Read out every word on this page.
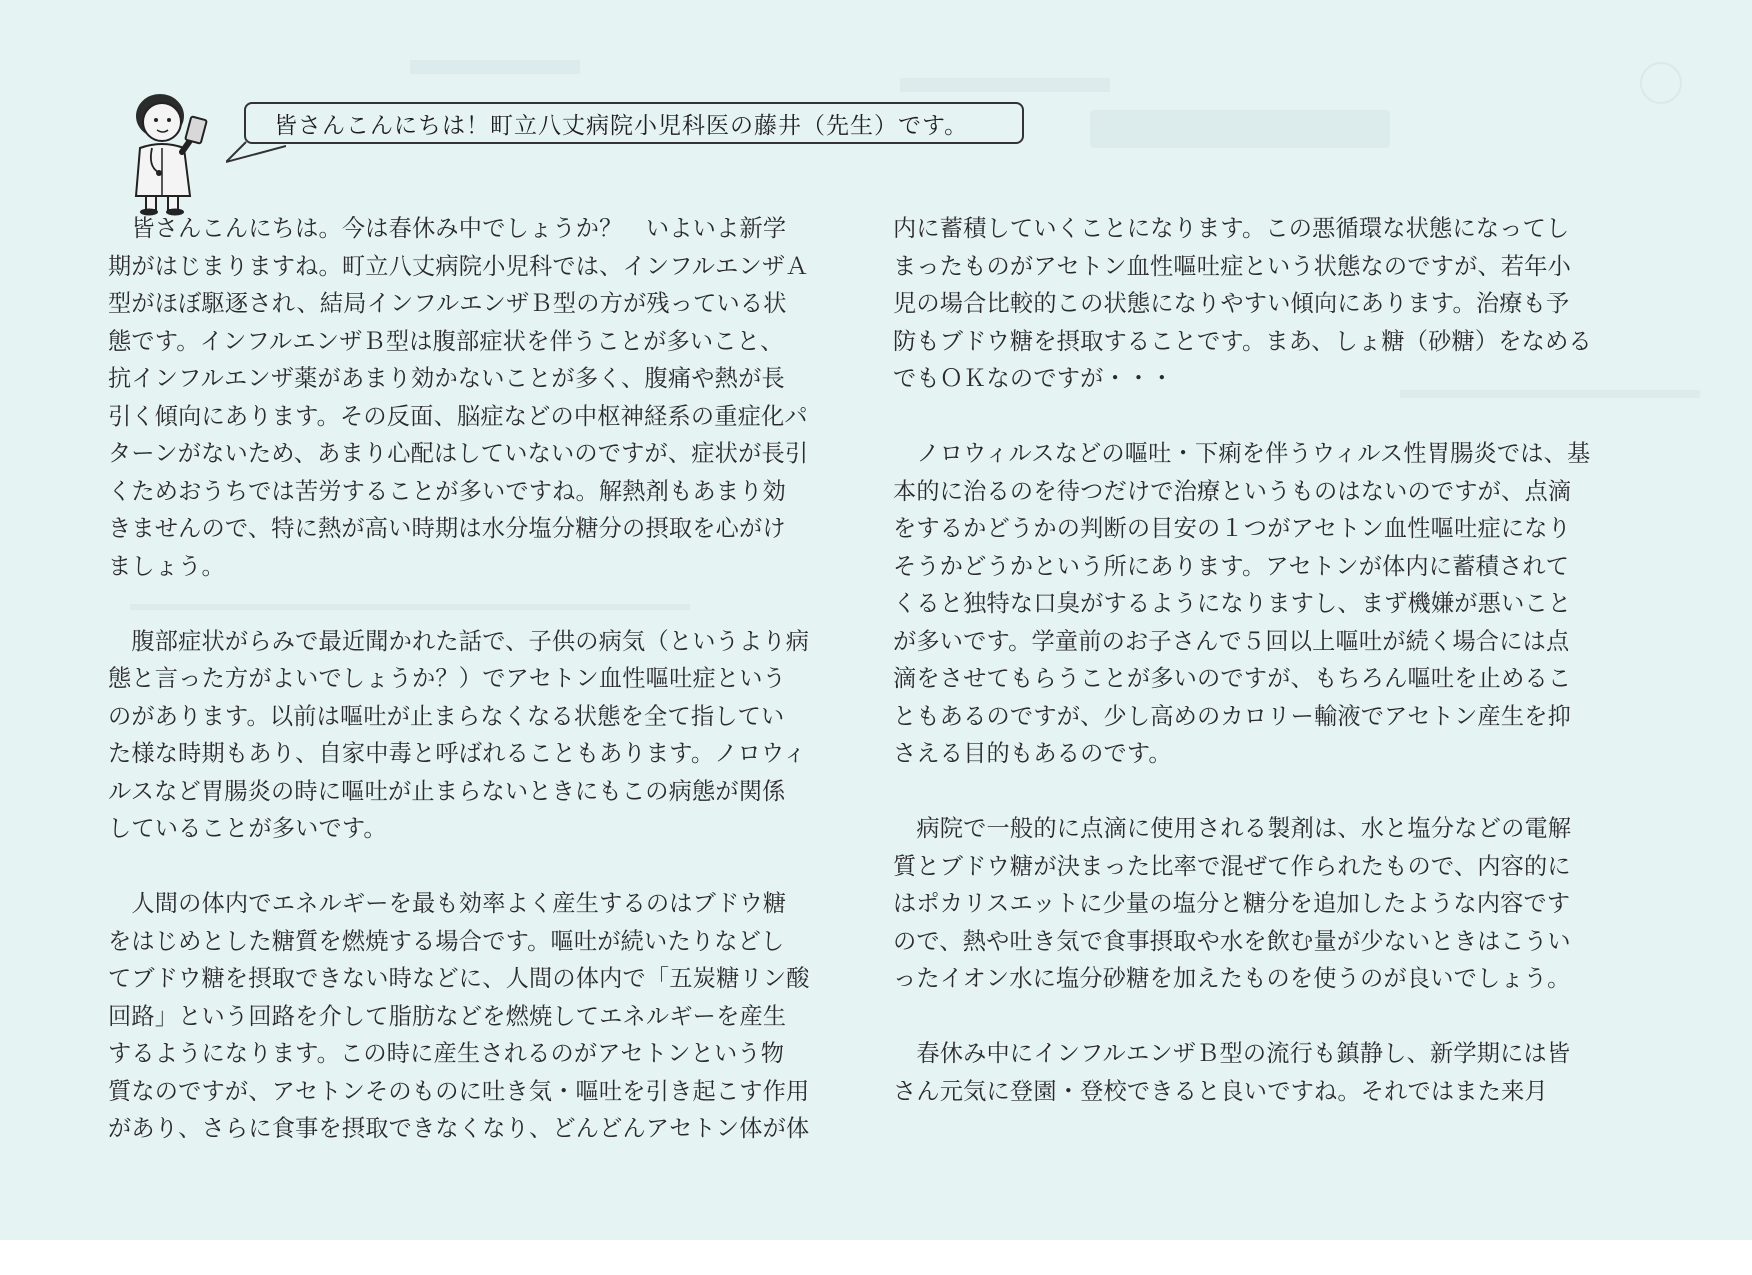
皆さんこんにちは！町立八丈病院小児科医の藤井（先生）です。
　皆さんこんにちは。今は春休み中でしょうか？　いよいよ新学
期がはじまりますね。町立八丈病院小児科では、インフルエンザＡ
型がほぼ駆逐され、結局インフルエンザＢ型の方が残っている状
態です。インフルエンザＢ型は腹部症状を伴うことが多いこと、
抗インフルエンザ薬があまり効かないことが多く、腹痛や熱が長
引く傾向にあります。その反面、脳症などの中枢神経系の重症化パ
ターンがないため、あまり心配はしていないのですが、症状が長引
くためおうちでは苦労することが多いですね。解熱剤もあまり効
きませんので、特に熱が高い時期は水分塩分糖分の摂取を心がけ
ましょう。
　腹部症状がらみで最近聞かれた話で、子供の病気（というより病
態と言った方がよいでしょうか？）でアセトン血性嘔吐症という
のがあります。以前は嘔吐が止まらなくなる状態を全て指してい
た様な時期もあり、自家中毒と呼ばれることもあります。ノロウィ
ルスなど胃腸炎の時に嘔吐が止まらないときにもこの病態が関係
していることが多いです。
　人間の体内でエネルギーを最も効率よく産生するのはブドウ糖
をはじめとした糖質を燃焼する場合です。嘔吐が続いたりなどし
てブドウ糖を摂取できない時などに、人間の体内で「五炭糖リン酸
回路」という回路を介して脂肪などを燃焼してエネルギーを産生
するようになります。この時に産生されるのがアセトンという物
質なのですが、アセトンそのものに吐き気・嘔吐を引き起こす作用
があり、さらに食事を摂取できなくなり、どんどんアセトン体が体
内に蓄積していくことになります。この悪循環な状態になってし
まったものがアセトン血性嘔吐症という状態なのですが、若年小
児の場合比較的この状態になりやすい傾向にあります。治療も予
防もブドウ糖を摂取することです。まあ、しょ糖（砂糖）をなめる
でもＯＫなのですが・・・
　ノロウィルスなどの嘔吐・下痢を伴うウィルス性胃腸炎では、基
本的に治るのを待つだけで治療というものはないのですが、点滴
をするかどうかの判断の目安の１つがアセトン血性嘔吐症になり
そうかどうかという所にあります。アセトンが体内に蓄積されて
くると独特な口臭がするようになりますし、まず機嫌が悪いこと
が多いです。学童前のお子さんで５回以上嘔吐が続く場合には点
滴をさせてもらうことが多いのですが、もちろん嘔吐を止めるこ
ともあるのですが、少し高めのカロリー輸液でアセトン産生を抑
さえる目的もあるのです。
　病院で一般的に点滴に使用される製剤は、水と塩分などの電解
質とブドウ糖が決まった比率で混ぜて作られたもので、内容的に
はポカリスエットに少量の塩分と糖分を追加したような内容です
ので、熱や吐き気で食事摂取や水を飲む量が少ないときはこうい
ったイオン水に塩分砂糖を加えたものを使うのが良いでしょう。
　春休み中にインフルエンザＢ型の流行も鎮静し、新学期には皆
さん元気に登園・登校できると良いですね。それではまた来月
